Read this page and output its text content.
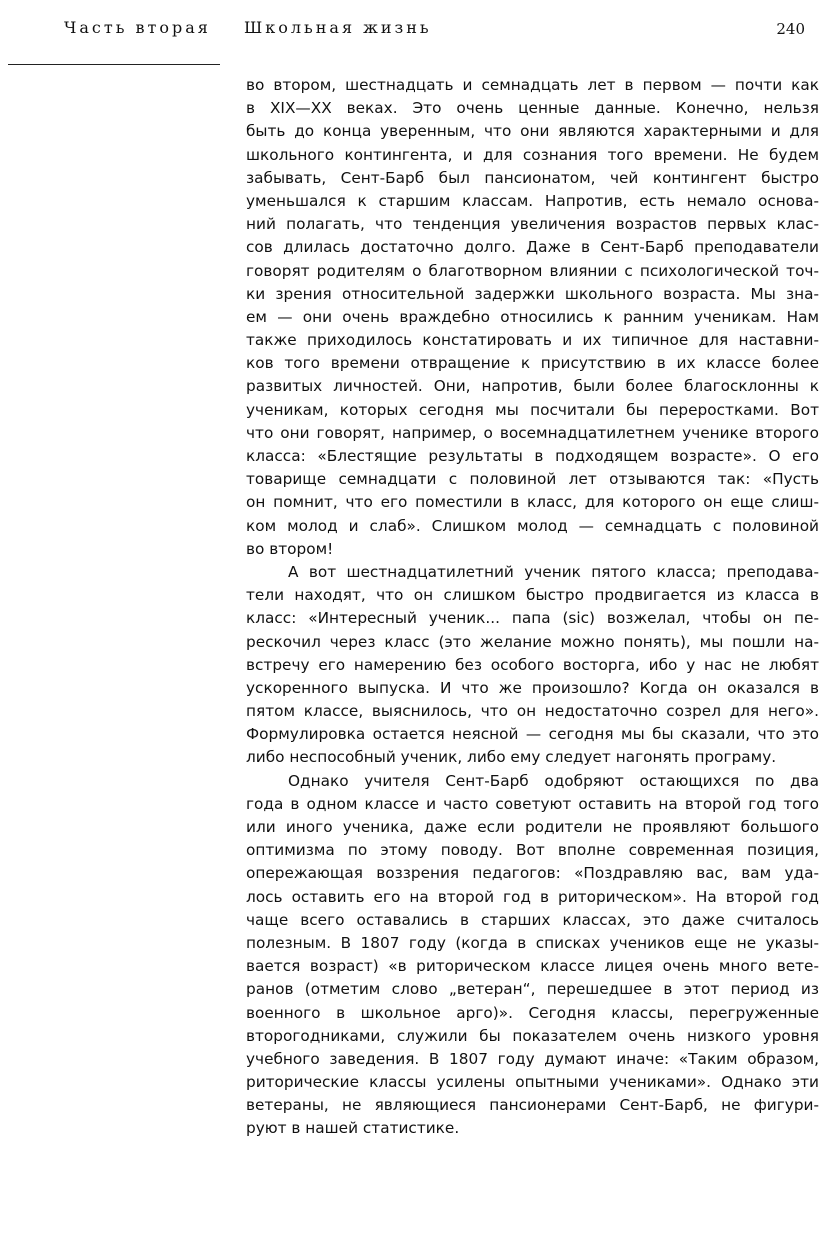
Часть вторая Школьная жизнь	240
во втором, шестнадцать и семнадцать лет в первом — почти как
в XIX—XX веках. Это очень ценные данные. Конечно, нельзя
быть до конца уверенным, что они являются характерными и для
школьного контингента, и для сознания того времени. Не будем
забывать, Сент-Барб был пансионатом, чей контингент быстро
уменьшался к старшим классам. Напротив, есть немало основа-
ний полагать, что тенденция увеличения возрастов первых клас-
сов длилась достаточно долго. Даже в Сент-Барб преподаватели
говорят родителям о благотворном влиянии с психологической точ-
ки зрения относительной задержки школьного возраста. Мы зна-
ем — они очень враждебно относились к ранним ученикам. Нам
также приходилось констатировать и их типичное для наставни-
ков того времени отвращение к присутствию в их классе более
развитых личностей. Они, напротив, были более благосклонны к
ученикам, которых сегодня мы посчитали бы переростками. Вот
что они говорят, например, о восемнадцатилетнем ученике второго
класса: «Блестящие результаты в подходящем возрасте». О его
товарище семнадцати с половиной лет отзываются так: «Пусть
он помнит, что его поместили в класс, для которого он еще слиш-
ком молод и слаб». Слишком молод — семнадцать с половиной
во втором!
А вот шестнадцатилетний ученик пятого класса; преподава-
тели находят, что он слишком быстро продвигается из класса в
класс: «Интересный ученик... папа (sic) возжелал, чтобы он пе-
рескочил через класс (это желание можно понять), мы пошли на-
встречу его намерению без особого восторга, ибо у нас не любят
ускоренного выпуска. И что же произошло? Когда он оказался в
пятом классе, выяснилось, что он недостаточно созрел для него».
Формулировка остается неясной — сегодня мы бы сказали, что это
либо неспособный ученик, либо ему следует нагонять програму.
Однако учителя Сент-Барб одобряют остающихся по два
года в одном классе и часто советуют оставить на второй год того
или иного ученика, даже если родители не проявляют большого
оптимизма по этому поводу. Вот вполне современная позиция,
опережающая воззрения педагогов: «Поздравляю вас, вам уда-
лось оставить его на второй год в риторическом». На второй год
чаще всего оставались в старших классах, это даже считалось
полезным. В 1807 году (когда в списках учеников еще не указы-
вается возраст) «в риторическом классе лицея очень много вете-
ранов (отметим слово „ветеран“, перешедшее в этот период из
военного в школьное арго)». Сегодня классы, перегруженные
второгодниками, служили бы показателем очень низкого уровня
учебного заведения. В 1807 году думают иначе: «Таким образом,
риторические классы усилены опытными учениками». Однако эти
ветераны, не являющиеся пансионерами Сент-Барб, не фигури-
руют в нашей статистике.
